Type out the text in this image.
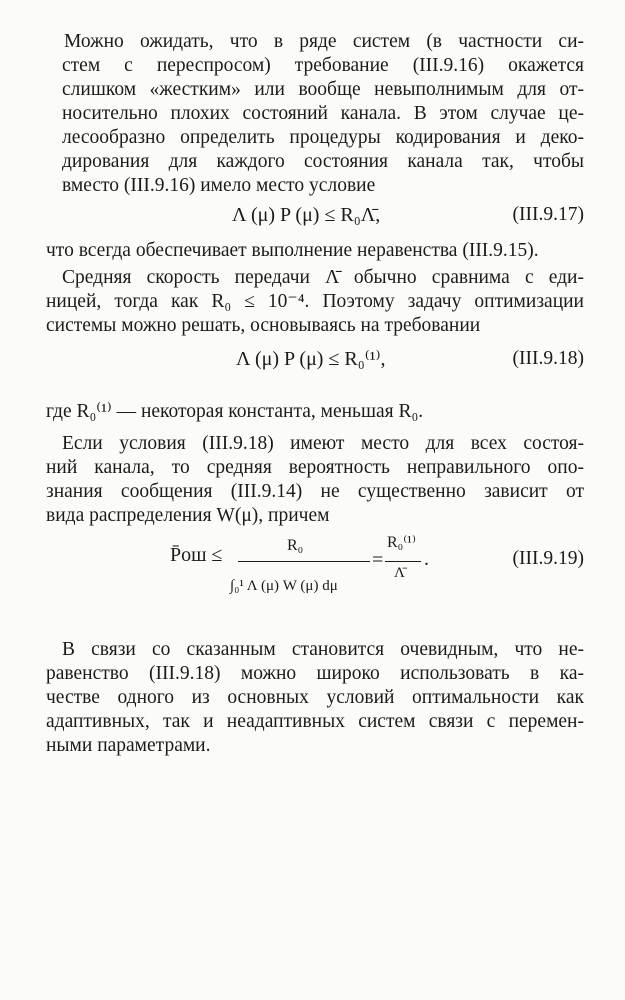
Можно ожидать, что в ряде систем (в частности си-
стем с переспросом) требование (III.9.16) окажется
слишком «жестким» или вообще невыполнимым для от-
носительно плохих состояний канала. В этом случае це-
лесообразно определить процедуры кодирования и деко-
дирования для каждого состояния канала так, чтобы
вместо (III.9.16) имело место условие
Λ (μ) P (μ) ≤ R₀Λ̄,	(III.9.17)
что всегда обеспечивает выполнение неравенства (III.9.15).
Средняя скорость передачи Λ̄ обычно сравнима с еди-
ницей, тогда как R₀ ≤ 10⁻⁴. Поэтому задачу оптимизации
системы можно решать, основываясь на требовании
Λ (μ) P (μ) ≤ R₀⁽¹⁾,	(III.9.18)
где R₀⁽¹⁾ — некоторая константа, меньшая R₀.
Если условия (III.9.18) имеют место для всех состоя-
ний канала, то средняя вероятность неправильного опо-
знания сообщения (III.9.14) не существенно зависит от
вида распределения W(μ), причем
P̄ош ≤	R₀
∫₀¹ Λ (μ) W (μ) dμ
=
R₀⁽¹⁾
Λ̄
.	(III.9.19)
В связи со сказанным становится очевидным, что не-
равенство (III.9.18) можно широко использовать в ка-
честве одного из основных условий оптимальности как
адаптивных, так и неадаптивных систем связи с перемен-
ными параметрами.
